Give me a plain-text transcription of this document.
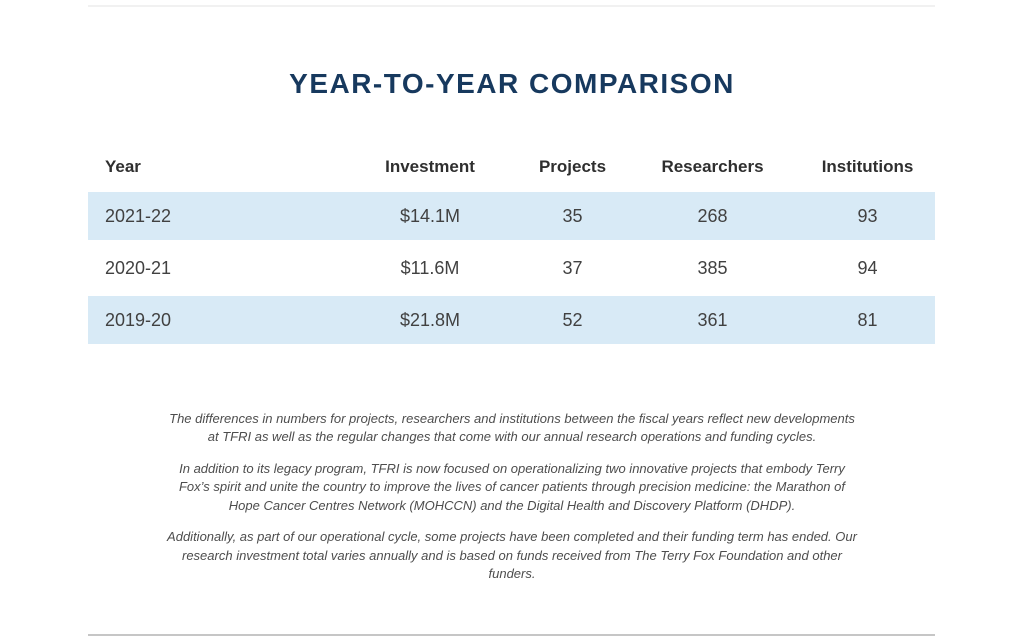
YEAR-TO-YEAR COMPARISON
Year	Investment	Projects	Researchers	Institutions
2021-22	$14.1M	35	268	93
2020-21	$11.6M	37	385	94
2019-20	$21.8M	52	361	81

The differences in numbers for projects, researchers and institutions between the fiscal years reflect new developments at TFRI as well as the regular changes that come with our annual research operations and funding cycles.

In addition to its legacy program, TFRI is now focused on operationalizing two innovative projects that embody Terry Fox’s spirit and unite the country to improve the lives of cancer patients through precision medicine: the Marathon of Hope Cancer Centres Network (MOHCCN) and the Digital Health and Discovery Platform (DHDP).

Additionally, as part of our operational cycle, some projects have been completed and their funding term has ended. Our research investment total varies annually and is based on funds received from The Terry Fox Foundation and other funders.
